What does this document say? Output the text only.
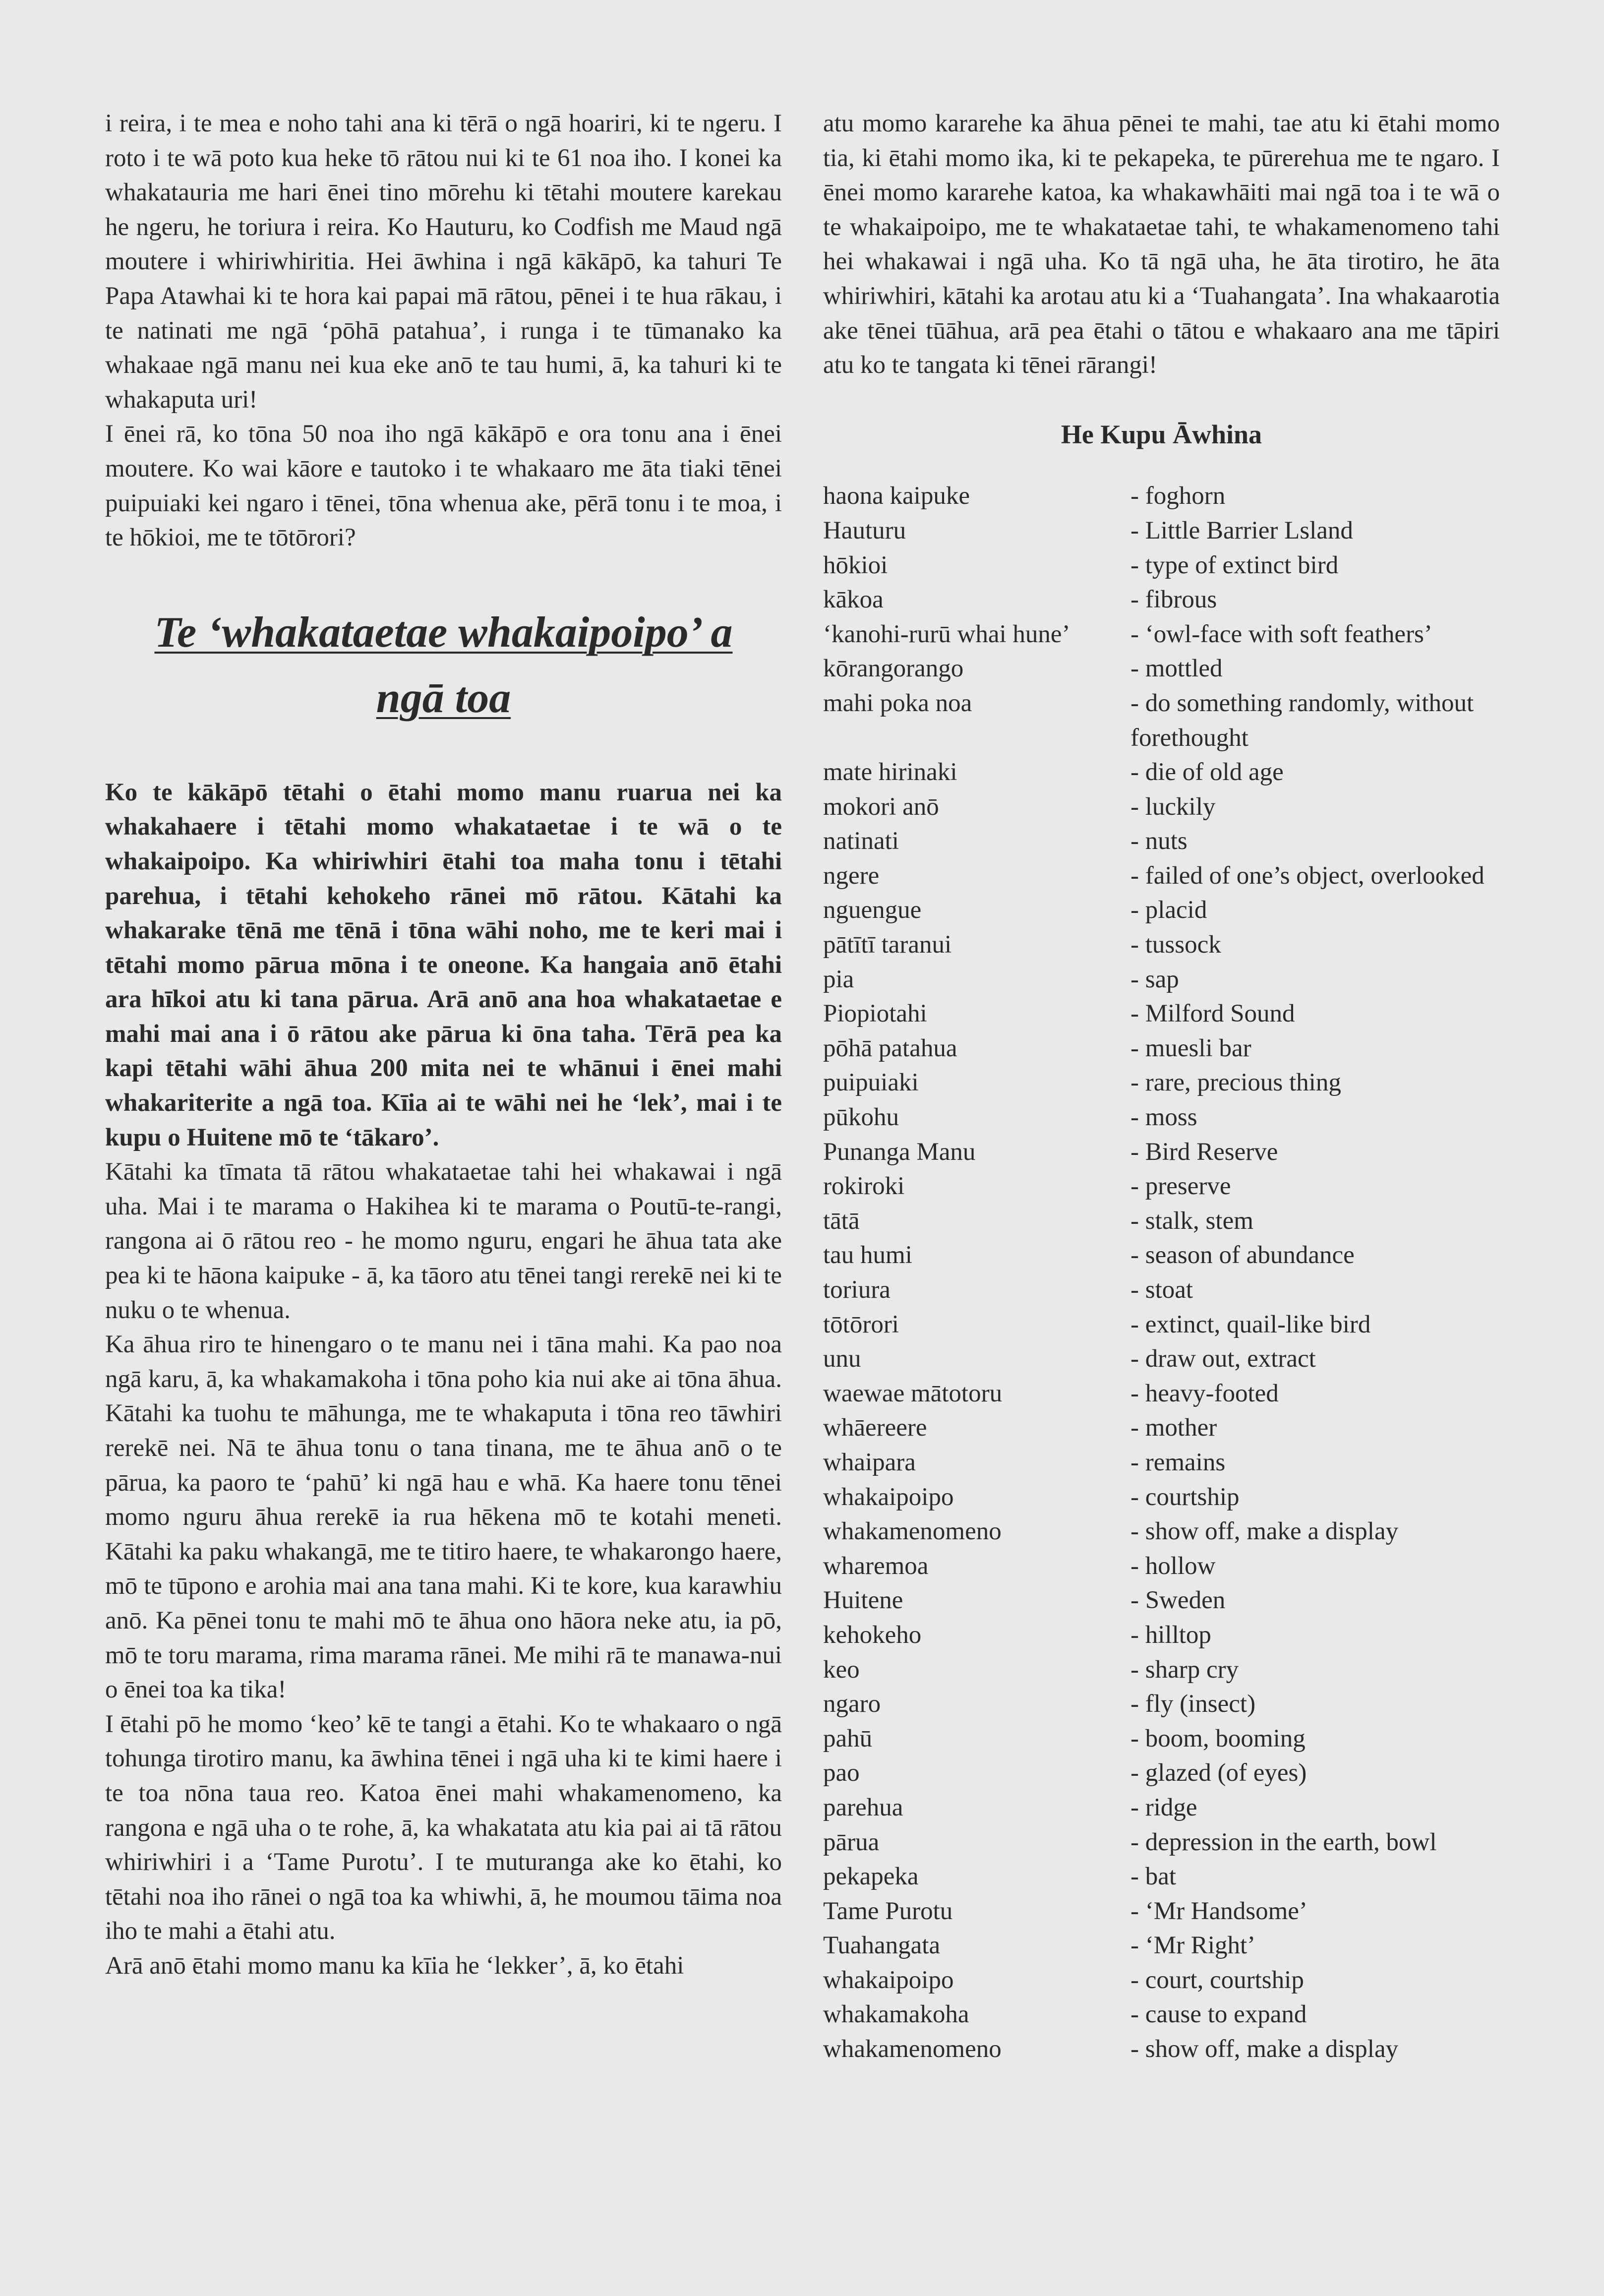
i reira, i te mea e noho tahi ana ki tērā o ngā hoariri, ki te ngeru. I roto i te wā poto kua heke tō rātou nui ki te 61 noa iho. I konei ka whakatauria me hari ēnei tino mōrehu ki tētahi moutere karekau he ngeru, he toriura i reira. Ko Hauturu, ko Codfish me Maud ngā moutere i whiriwhiritia. Hei āwhina i ngā kākāpō, ka tahuri Te Papa Atawhai ki te hora kai papai mā rātou, pēnei i te hua rākau, i te natinati me ngā ‘pōhā patahua’, i runga i te tūmanako ka whakaae ngā manu nei kua eke anō te tau humi, ā, ka tahuri ki te whakaputa uri!

I ēnei rā, ko tōna 50 noa iho ngā kākāpō e ora tonu ana i ēnei moutere. Ko wai kāore e tautoko i te whakaaro me āta tiaki tēnei puipuiaki kei ngaro i tēnei, tōna whenua ake, pērā tonu i te moa, i te hōkioi, me te tōtōrori?

Te ‘whakataetae whakaipoipo’ a ngā toa

Ko te kākāpō tētahi o ētahi momo manu ruarua nei ka whakahaere i tētahi momo whakataetae i te wā o te whakaipoipo. Ka whiriwhiri ētahi toa maha tonu i tētahi parehua, i tētahi kehokeho rānei mō rātou. Kātahi ka whakarake tēnā me tēnā i tōna wāhi noho, me te keri mai i tētahi momo pārua mōna i te oneone. Ka hangaia anō ētahi ara hīkoi atu ki tana pārua. Arā anō ana hoa whakataetae e mahi mai ana i ō rātou ake pārua ki ōna taha. Tērā pea ka kapi tētahi wāhi āhua 200 mita nei te whānui i ēnei mahi whakariterite a ngā toa. Kīia ai te wāhi nei he ‘lek’, mai i te kupu o Huitene mō te ‘tākaro’.

Kātahi ka tīmata tā rātou whakataetae tahi hei whakawai i ngā uha. Mai i te marama o Hakihea ki te marama o Poutū-te-rangi, rangona ai ō rātou reo - he momo nguru, engari he āhua tata ake pea ki te hāona kaipuke - ā, ka tāoro atu tēnei tangi rerekē nei ki te nuku o te whenua.

Ka āhua riro te hinengaro o te manu nei i tāna mahi. Ka pao noa ngā karu, ā, ka whakamakoha i tōna poho kia nui ake ai tōna āhua. Kātahi ka tuohu te māhunga, me te whakaputa i tōna reo tāwhiri rerekē nei. Nā te āhua tonu o tana tinana, me te āhua anō o te pārua, ka paoro te ‘pahū’ ki ngā hau e whā. Ka haere tonu tēnei momo nguru āhua rerekē ia rua hēkena mō te kotahi meneti. Kātahi ka paku whakangā, me te titiro haere, te whakarongo haere, mō te tūpono e arohia mai ana tana mahi. Ki te kore, kua karawhiu anō. Ka pēnei tonu te mahi mō te āhua ono hāora neke atu, ia pō, mō te toru marama, rima marama rānei. Me mihi rā te manawa-nui o ēnei toa ka tika!

I ētahi pō he momo ‘keo’ kē te tangi a ētahi. Ko te whakaaro o ngā tohunga tirotiro manu, ka āwhina tēnei i ngā uha ki te kimi haere i te toa nōna taua reo. Katoa ēnei mahi whakamenomeno, ka rangona e ngā uha o te rohe, ā, ka whakatata atu kia pai ai tā rātou whiriwhiri i a ‘Tame Purotu’. I te muturanga ake ko ētahi, ko tētahi noa iho rānei o ngā toa ka whiwhi, ā, he moumou tāima noa iho te mahi a ētahi atu.

Arā anō ētahi momo manu ka kīia he ‘lekker’, ā, ko ētahi

atu momo kararehe ka āhua pēnei te mahi, tae atu ki ētahi momo tia, ki ētahi momo ika, ki te pekapeka, te pūrerehua me te ngaro. I ēnei momo kararehe katoa, ka whakawhāiti mai ngā toa i te wā o te whakaipoipo, me te whakataetae tahi, te whakamenomeno tahi hei whakawai i ngā uha. Ko tā ngā uha, he āta tirotiro, he āta whiriwhiri, kātahi ka arotau atu ki a ‘Tuahangata’. Ina whakaarotia ake tēnei tūāhua, arā pea ētahi o tātou e whakaaro ana me tāpiri atu ko te tangata ki tēnei rārangi!

He Kupu Āwhina
haona kaipuke	- foghorn
Hauturu	- Little Barrier Lsland
hōkioi	- type of extinct bird
kākoa	- fibrous
‘kanohi-rurū whai hune’	- ‘owl-face with soft feathers’
kōrangorango	- mottled
mahi poka noa	- do something randomly, without forethought
mate hirinaki	- die of old age
mokori anō	- luckily
natinati	- nuts
ngere	- failed of one’s object, overlooked
nguengue	- placid
pātītī taranui	- tussock
pia	- sap
Piopiotahi	- Milford Sound
pōhā patahua	- muesli bar
puipuiaki	- rare, precious thing
pūkohu	- moss
Punanga Manu	- Bird Reserve
rokiroki	- preserve
tātā	- stalk, stem
tau humi	- season of abundance
toriura	- stoat
tōtōrori	- extinct, quail-like bird
unu	- draw out, extract
waewae mātotoru	- heavy-footed
whāereere	- mother
whaipara	- remains
whakaipoipo	- courtship
whakamenomeno	- show off, make a display
wharemoa	- hollow
Huitene	- Sweden
kehokeho	- hilltop
keo	- sharp cry
ngaro	- fly (insect)
pahū	- boom, booming
pao	- glazed (of eyes)
parehua	- ridge
pārua	- depression in the earth, bowl
pekapeka	- bat
Tame Purotu	- ‘Mr Handsome’
Tuahangata	- ‘Mr Right’
whakaipoipo	- court, courtship
whakamakoha	- cause to expand
whakamenomeno	- show off, make a display
